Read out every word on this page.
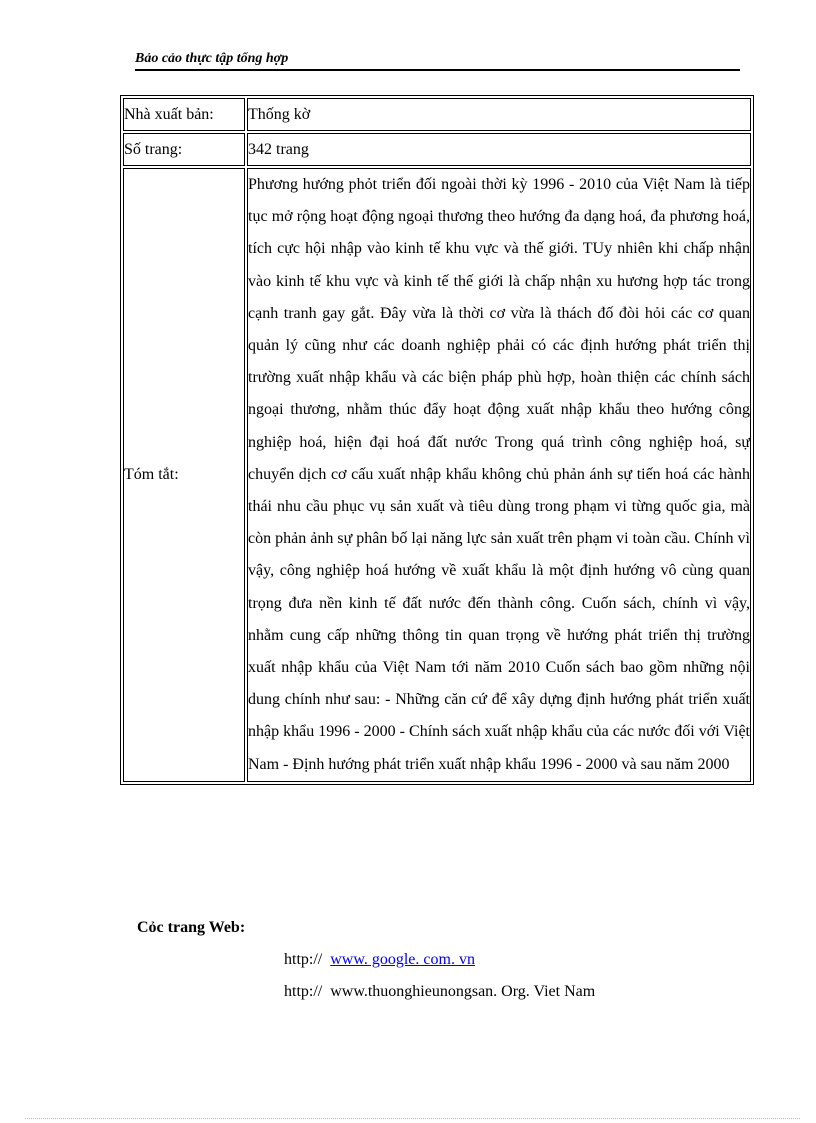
Bảo cảo thực tập tổng hợp
Nhà xuất bản:	Thống kờ
Số trang:	342 trang
Tóm tắt:	Phương hướng phỏt triển đối ngoài thời kỳ 1996 - 2010 của Việt Nam là tiếp tục mở rộng hoạt động ngoại thương theo hướng đa dạng hoá, đa phương hoá, tích cực hội nhập vào kinh tế khu vực và thế giới. TUy nhiên khi chấp nhận vào kinh tế khu vực và kinh tế thế giới là chấp nhận xu hương hợp tác trong cạnh tranh gay gắt. Đây vừa là thời cơ vừa là thách đố đòi hỏi các cơ quan quản lý cũng như các doanh nghiệp phải có các định hướng phát triển thị trường xuất nhập khẩu và các biện pháp phù hợp, hoàn thiện các chính sách ngoại thương, nhằm thúc đẩy hoạt động xuất nhập khẩu theo hướng công nghiệp hoá, hiện đại hoá đất nước Trong quá trình công nghiệp hoá, sự chuyển dịch cơ cấu xuất nhập khẩu không chủ phản ánh sự tiến hoá các hành thái nhu cầu phục vụ sản xuất và tiêu dùng trong phạm vi từng quốc gia, mà còn phản ảnh sự phân bố lại năng lực sản xuất trên phạm vi toàn cầu. Chính vì vậy, công nghiệp hoá hướng về xuất khẩu là một định hướng vô cùng quan trọng đưa nền kinh tế đất nước đến thành công. Cuốn sách, chính vì vậy, nhằm cung cấp những thông tin quan trọng về hướng phát triển thị trường xuất nhập khẩu của Việt Nam tới năm 2010 Cuốn sách bao gồm những nội dung chính như sau: - Những căn cứ để xây dựng định hướng phát triển xuất nhập khẩu 1996 - 2000 - Chính sách xuất nhập khẩu của các nước đối với Việt Nam - Định hướng phát triển xuất nhập khẩu 1996 - 2000 và sau năm 2000

Cỏc trang Web:
http:// www. google. com. vn
http:// www.thuonghieunongsan. Org. Viet Nam
